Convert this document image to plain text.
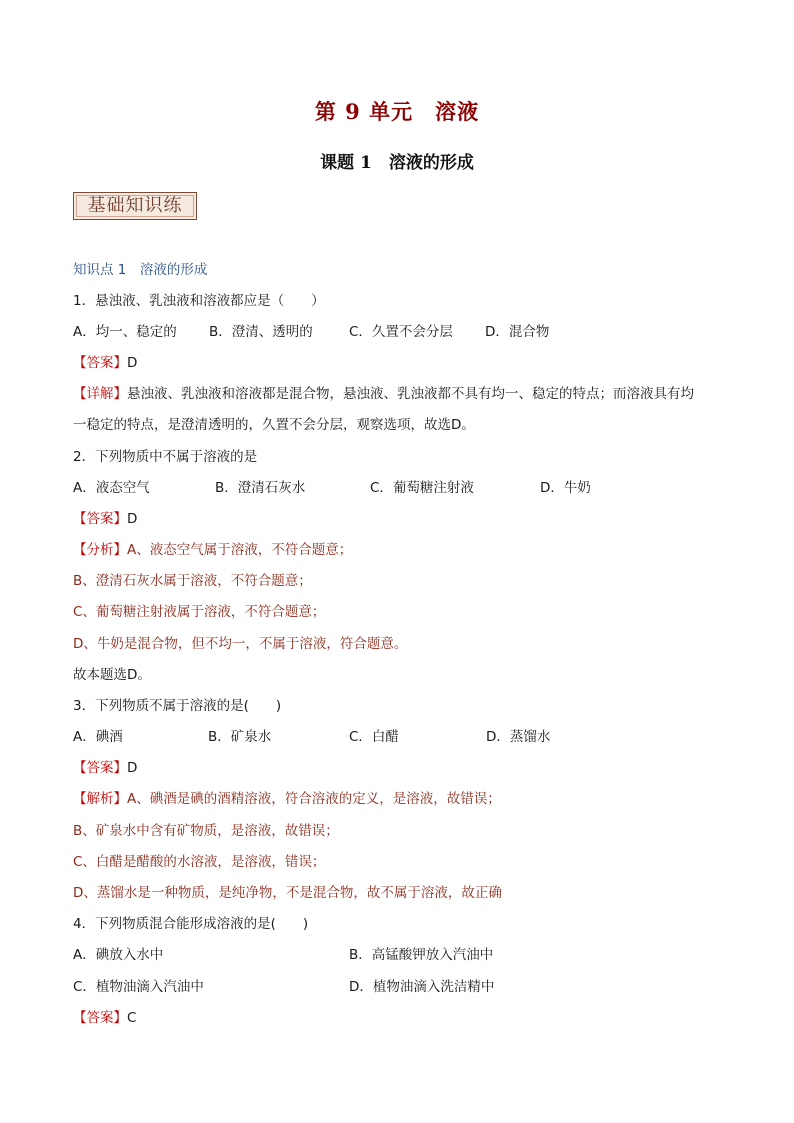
第 9 单元　溶液
课题 1　溶液的形成
基础知识练
知识点 1　溶液的形成
1．悬浊液、乳浊液和溶液都应是（　　）
A．均一、稳定的 B．澄清、透明的	C．久置不会分层 D．混合物
【答案】D
【详解】悬浊液、乳浊液和溶液都是混合物，悬浊液、乳浊液都不具有均一、稳定的特点；而溶液具有均
一稳定的特点，是澄清透明的，久置不会分层，观察选项，故选D。
2．下列物质中不属于溶液的是
A．液态空气	B．澄清石灰水	C．葡萄糖注射液	D．牛奶
【答案】D
【分析】A、液态空气属于溶液，不符合题意；
B、澄清石灰水属于溶液，不符合题意；
C、葡萄糖注射液属于溶液，不符合题意；
D、牛奶是混合物，但不均一，不属于溶液，符合题意。
故本题选D。
3．下列物质不属于溶液的是(　　)
A．碘酒	B．矿泉水	C．白醋	D．蒸馏水
【答案】D
【解析】A、碘酒是碘的酒精溶液，符合溶液的定义，是溶液，故错误；
B、矿泉水中含有矿物质，是溶液，故错误；
C、白醋是醋酸的水溶液，是溶液，错误；
D、蒸馏水是一种物质，是纯净物，不是混合物，故不属于溶液，故正确
4．下列物质混合能形成溶液的是(　　)
A．碘放入水中	B．高锰酸钾放入汽油中
C．植物油滴入汽油中	D．植物油滴入洗洁精中
【答案】C
